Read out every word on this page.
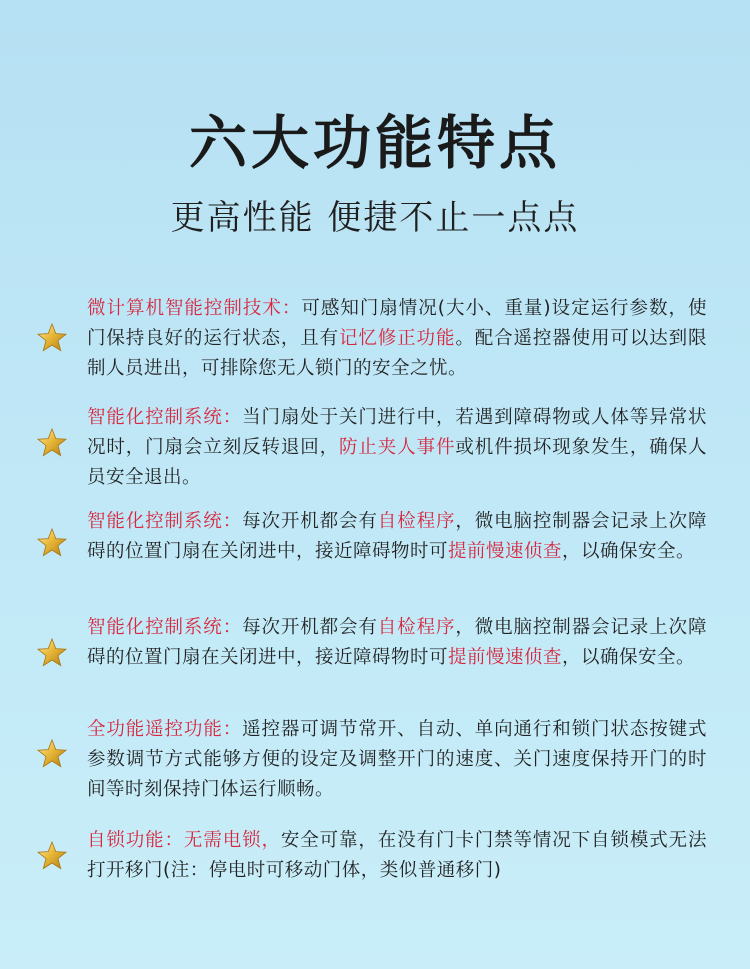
六大功能特点
更高性能 便捷不止一点点
微计算机智能控制技术：可感知门扇情况(大小、重量)设定运行参数，使门保持良好的运行状态，且有记忆修正功能。配合遥控器使用可以达到限制人员进出，可排除您无人锁门的安全之忧。
智能化控制系统：当门扇处于关门进行中，若遇到障碍物或人体等异常状况时，门扇会立刻反转退回，防止夹人事件或机件损坏现象发生，确保人员安全退出。
智能化控制系统：每次开机都会有自检程序，微电脑控制器会记录上次障碍的位置门扇在关闭进中，接近障碍物时可提前慢速侦查，以确保安全。
智能化控制系统：每次开机都会有自检程序，微电脑控制器会记录上次障碍的位置门扇在关闭进中，接近障碍物时可提前慢速侦查，以确保安全。
全功能遥控功能：遥控器可调节常开、自动、单向通行和锁门状态按键式参数调节方式能够方便的设定及调整开门的速度、关门速度保持开门的时间等时刻保持门体运行顺畅。
自锁功能：无需电锁，安全可靠，在没有门卡门禁等情况下自锁模式无法打开移门(注：停电时可移动门体，类似普通移门)
